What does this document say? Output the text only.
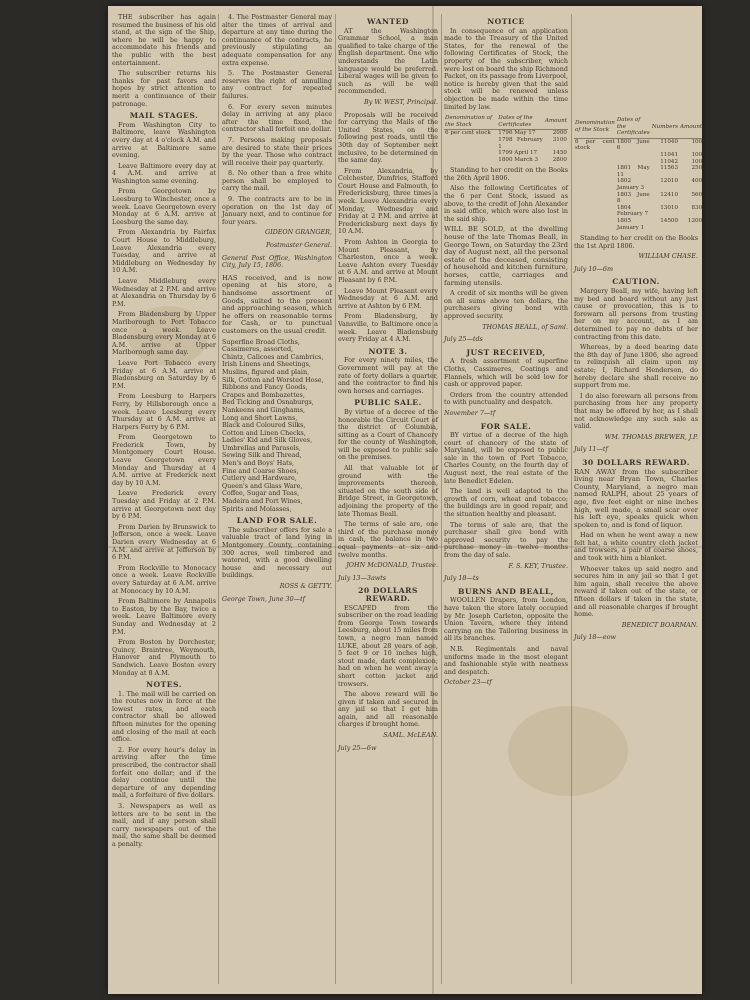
THE subscriber has again resumed the business of his old stand, at the sign of the Ship, where he will be happy to accommodate his friends and the public with the best entertainment.

The subscriber returns his thanks for past favors and hopes by strict attention to merit a continuance of their patronage.

MAIL STAGES.

From Washington City to Baltimore, leave Washington every day at 4 o'clock A.M. and arrive at Baltimore same evening.

Leave Baltimore every day at 4 A.M. and arrive at Washington same evening.

From Georgetown by Leesburg to Winchester, once a week. Leave Georgetown every Monday at 6 A.M. arrive at Leesburg the same day.

From Alexandria by Fairfax Court House to Middleburg, Leave Alexandria every Tuesday, and arrive at Middleburg on Wednesday by 10 A.M.

Leave Middleburg every Wednesday at 2 P.M. and arrive at Alexandria on Thursday by 6 P.M.

From Bladensburg by Upper Marlborough to Port Tobacco once a week. Leave Bladensburg every Monday at 6 A.M. arrive at Upper Marlborough same day.

Leave Port Tobacco every Friday at 6 A.M. arrive at Bladensburg on Saturday by 6 P.M.

From Leesburg to Harpers Ferry, by Hillsborough once a week. Leave Leesburg every Thursday at 6 A.M. arrive at Harpers Ferry by 6 P.M.

From Georgetown to Frederick Town, by Montgomery Court House. Leave Georgetown every Monday and Thursday at 4 A.M. arrive at Frederick next day by 10 A.M.

Leave Frederick every Tuesday and Friday at 2 P.M. arrive at Georgetown next day by 6 P.M.

From Darien by Brunswick to Jefferson, once a week. Leave Darien every Wednesday at 6 A.M. and arrive at Jefferson by 6 P.M.

From Rockville to Monocacy once a week. Leave Rockville every Saturday at 6 A.M. arrive at Monocacy by 10 A.M.

From Baltimore by Annapolis to Easton, by the Bay, twice a week. Leave Baltimore every Sunday and Wednesday at 2 P.M.

From Boston by Dorchester, Quincy, Braintree, Weymouth, Hanover and Plymouth to Sandwich. Leave Boston every Monday at 8 A.M.

NOTES.

1. The mail will be carried on the routes now in force at the lowest rates, and each contractor shall be allowed fifteen minutes for the opening and closing of the mail at each office.

2. For every hour's delay in arriving after the time prescribed, the contractor shall forfeit one dollar; and if the delay continue until the departure of any depending mail, a forfeiture of five dollars.

3. Newspapers as well as letters are to be sent in the mail, and if any person shall carry newspapers out of the mail, the same shall be deemed a penalty.

4. The Postmaster General may alter the times of arrival and departure at any time during the continuance of the contracts, he previously stipulating an adequate compensation for any extra expense.

5. The Postmaster General reserves the right of annulling any contract for repeated failures.

6. For every seven minutes delay in arriving at any place after the time fixed, the contractor shall forfeit one dollar.

7. Persons making proposals are desired to state their prices by the year. Those who contract will receive their pay quarterly.

8. No other than a free white person shall be employed to carry the mail.

9. The contracts are to be in operation on the 1st day of January next, and to continue for four years.

GIDEON GRANGER,
Postmaster General.
General Post Office, Washington City, July 15, 1806.

HAS received, and is now opening at his store, a handsome assortment of Goods, suited to the present and approaching season, which he offers on reasonable terms for Cash, or to punctual customers on the usual credit.

Superfine Broad Cloths,

Cassimeres, assorted,

Chintz, Calicoes and Cambrics,

Irish Linens and Sheetings,

Muslins, figured and plain,

Silk, Cotton and Worsted Hose,

Ribbons and Fancy Goods,

Crapes and Bombazettes,

Bed Ticking and Osnaburgs,

Nankeens and Ginghams,

Long and Short Lawns,

Black and Coloured Silks,

Cotton and Linen Checks,

Ladies' Kid and Silk Gloves,

Umbrellas and Parasols,

Sewing Silk and Thread,

Men's and Boys' Hats,

Fine and Coarse Shoes,

Cutlery and Hardware,

Queen's and Glass Ware,

Coffee, Sugar and Teas,

Madeira and Port Wines,

Spirits and Molasses,

LAND FOR SALE.

The subscriber offers for sale a valuable tract of land lying in Montgomery County, containing 300 acres, well timbered and watered, with a good dwelling house and necessary out buildings.

ROSS & GETTY.
George Town, June 30—tf
WANTED

AT the Washington Grammar School, a man qualified to take charge of the English department. One who understands the Latin language would be preferred. Liberal wages will be given to such as will be well recommended.

By W. WEST, Principal.

Proposals will be received for carrying the Mails of the United States, on the following post roads, until the 30th day of September next inclusive, to be determined on the same day.

From Alexandria, by Colchester, Dumfries, Stafford Court House and Falmouth, to Fredericksburg, three times a week. Leave Alexandria every Monday, Wednesday and Friday at 2 P.M. and arrive at Fredericksburg next days by 10 A.M.

From Ashton in Georgia to Mount Pleasant, by Charleston, once a week. Leave Ashton every Tuesday at 6 A.M. and arrive at Mount Pleasant by 6 P.M.

Leave Mount Pleasant every Wednesday at 6 A.M. and arrive at Ashton by 6 P.M.

From Bladensburg, by Vansville, to Baltimore once a week. Leave Bladensburg every Friday at 4 A.M.

NOTE 3.

For every ninety miles, the Government will pay at the rate of forty dollars a quarter, and the contractor to find his own horses and carriages.

PUBLIC SALE.

By virtue of a decree of the honorable the Circuit Court of the district of Columbia, sitting as a Court of Chancery for the county of Washington, will be exposed to public sale on the premises.

All that valuable lot of ground with the improvements thereon, situated on the south side of Bridge Street, in Georgetown, adjoining the property of the late Thomas Beall.

The terms of sale are, one third of the purchase money in cash, the balance in two equal payments at six and twelve months.

JOHN McDONALD, Trustee.
July 13—3awts
20 DOLLARS REWARD.

ESCAPED from the subscriber on the road leading from George Town towards Leesburg, about 15 miles from town, a negro man named LUKE, about 28 years of age, 5 feet 9 or 10 inches high, stout made, dark complexion; had on when he went away a short cotton jacket and trowsers.

The above reward will be given if taken and secured in any jail so that I get him again, and all reasonable charges if brought home.

SAML. McLEAN.
July 25—6w
NOTICE

In consequence of an application made to the Treasury of the United States, for the renewal of the following Certificates of Stock, the property of the subscriber, which were lost on board the ship Richmond Packet, on its passage from Liverpool, notice is hereby given that the said stock will be renewed unless objection be made within the time limited by law.

Denomination of the Stock	Dates of the Certificates	Amount
6 per cent stock	1796 May 17	2000
	1798 February 1	3100
	1799 April 17	1450
	1800 March 3	2800

Standing to her credit on the Books the 26th April 1806.

Also the following Certificates of the 6 per Cent Stock, issued as above, to the credit of John Alexander in said office, which were also lost in the said ship.

WILL BE SOLD, at the dwelling house of the late Thomas Beall, in George Town, on Saturday the 23rd day of August next, all the personal estate of the deceased, consisting of household and kitchen furniture, horses, cattle, carriages and farming utensils.

A credit of six months will be given on all sums above ten dollars, the purchasers giving bond with approved security.

THOMAS BEALL, of Saml.
July 25—tds
JUST RECEIVED,

A fresh assortment of superfine Cloths, Cassimeres, Coatings and Flannels, which will be sold low for cash or approved paper.

Orders from the country attended to with punctuality and despatch.

November 7—tf
FOR SALE.

BY virtue of a decree of the high court of chancery of the state of Maryland, will be exposed to public sale in the town of Port Tobacco, Charles County, on the fourth day of August next, the real estate of the late Benedict Edelen.

The land is well adapted to the growth of corn, wheat and tobacco; the buildings are in good repair, and the situation healthy and pleasant.

The terms of sale are, that the purchaser shall give bond with approved security to pay the purchase money in twelve months from the day of sale.

F. S. KEY, Trustee.
July 18—ts
BURNS AND BEALL,

WOOLLEN Drapers, from London, have taken the store lately occupied by Mr. Joseph Carleton, opposite the Union Tavern, where they intend carrying on the Tailoring business in all its branches.

N.B. Regimentals and naval uniforms made in the most elegant and fashionable style with neatness and despatch.

October 23—tf
Denomination of the Stock	Dates of the Certificates	Numbers	Amount
6 per cent stock	1800 June 6	11040	100
		11041	100
		11042	100
	1801 May 11	11563	250
	1802 January 3	12010	400
	1803 June 8	12410	560
	1804 February 7	13010	830
	1805 January 1	14500	1200

Standing to her credit on the Books the 1st April 1806.

WILLIAM CHASE.
July 10—6m
CAUTION.

Margery Beall, my wife, having left my bed and board without any just cause or provocation, this is to forewarn all persons from trusting her on my account, as I am determined to pay no debts of her contracting from this date.

Whereas, by a deed bearing date the 8th day of June 1806, she agreed to relinquish all claim upon my estate; I, Richard Henderson, do hereby declare she shall receive no support from me.

I do also forewarn all persons from purchasing from her any property that may be offered by her, as I shall not acknowledge any such sale as valid.

WM. THOMAS BREWER, J.P.
July 11—tf
30 DOLLARS REWARD.

RAN AWAY from the subscriber living near Bryan Town, Charles County, Maryland, a negro man named RALPH, about 25 years of age, five feet eight or nine inches high, well made, a small scar over his left eye, speaks quick when spoken to, and is fond of liquor.

Had on when he went away a new felt hat, a white country cloth jacket and trowsers, a pair of coarse shoes, and took with him a blanket.

Whoever takes up said negro and secures him in any jail so that I get him again, shall receive the above reward if taken out of the state, or fifteen dollars if taken in the state, and all reasonable charges if brought home.

BENEDICT BOARMAN.
July 18—eow
